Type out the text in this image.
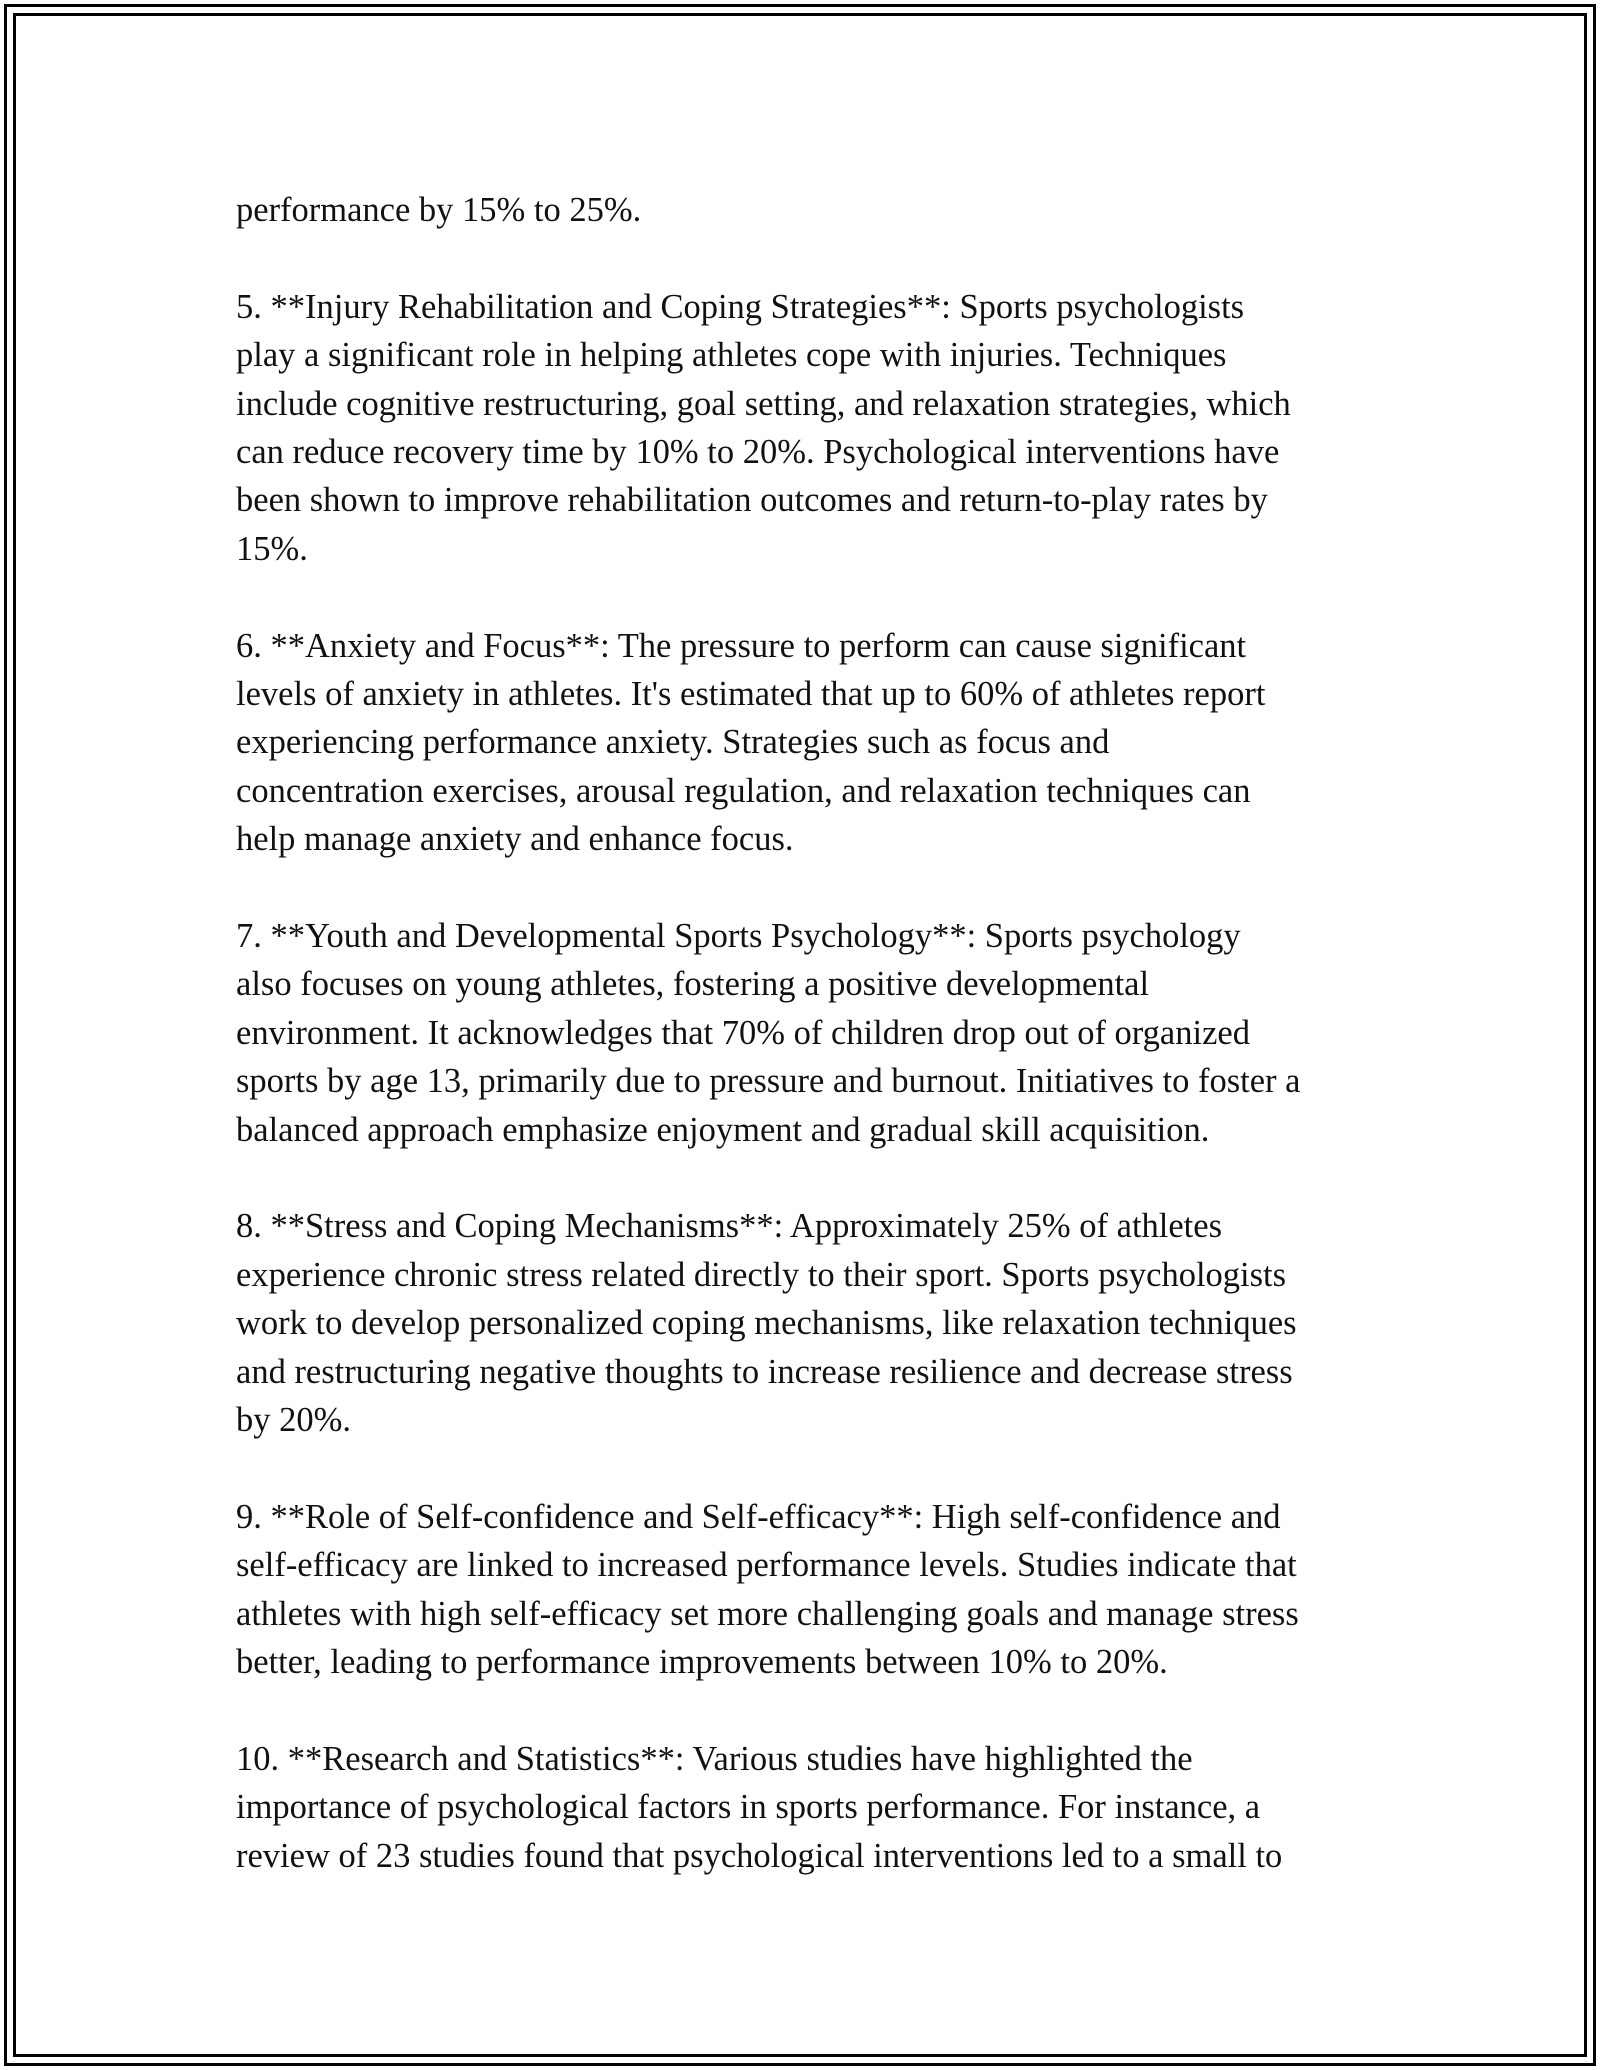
performance by 15% to 25%.

5. **Injury Rehabilitation and Coping Strategies**: Sports psychologists
play a significant role in helping athletes cope with injuries. Techniques
include cognitive restructuring, goal setting, and relaxation strategies, which
can reduce recovery time by 10% to 20%. Psychological interventions have
been shown to improve rehabilitation outcomes and return-to-play rates by
15%.

6. **Anxiety and Focus**: The pressure to perform can cause significant
levels of anxiety in athletes. It's estimated that up to 60% of athletes report
experiencing performance anxiety. Strategies such as focus and
concentration exercises, arousal regulation, and relaxation techniques can
help manage anxiety and enhance focus.

7. **Youth and Developmental Sports Psychology**: Sports psychology
also focuses on young athletes, fostering a positive developmental
environment. It acknowledges that 70% of children drop out of organized
sports by age 13, primarily due to pressure and burnout. Initiatives to foster a
balanced approach emphasize enjoyment and gradual skill acquisition.

8. **Stress and Coping Mechanisms**: Approximately 25% of athletes
experience chronic stress related directly to their sport. Sports psychologists
work to develop personalized coping mechanisms, like relaxation techniques
and restructuring negative thoughts to increase resilience and decrease stress
by 20%.

9. **Role of Self-confidence and Self-efficacy**: High self-confidence and
self-efficacy are linked to increased performance levels. Studies indicate that
athletes with high self-efficacy set more challenging goals and manage stress
better, leading to performance improvements between 10% to 20%.

10. **Research and Statistics**: Various studies have highlighted the
importance of psychological factors in sports performance. For instance, a
review of 23 studies found that psychological interventions led to a small to
